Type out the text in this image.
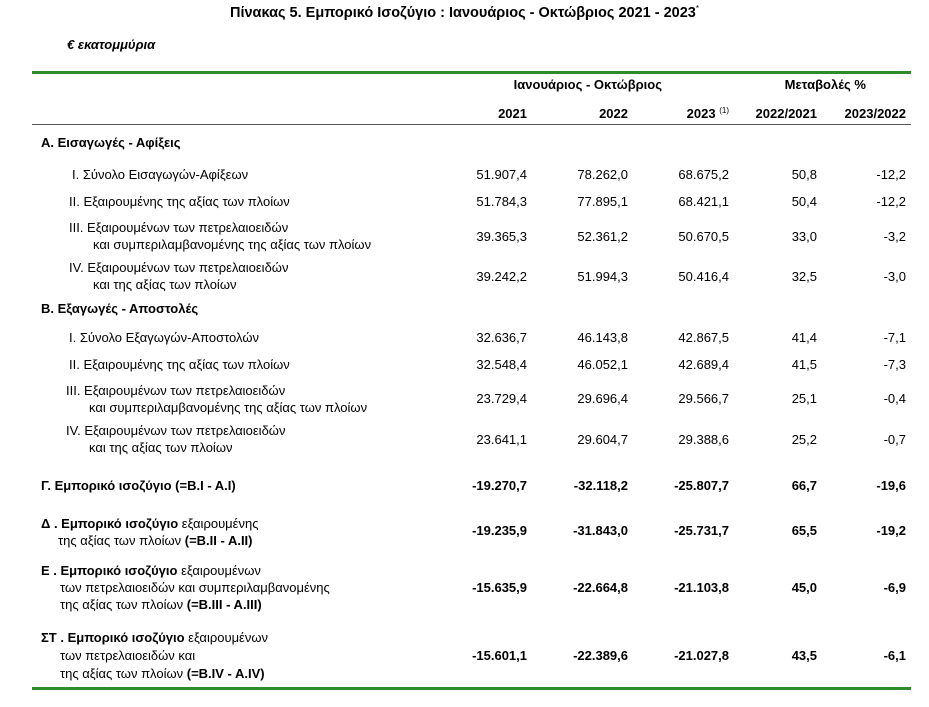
Πίνακας 5. Εμπορικό Ισοζύγιο : Ιανουάριος - Οκτώβριος 2021 - 2023*
€ εκατομμύρια
Ιανουάριος - Οκτώβριος	Μεταβολές %
2021	2022	2023 $^{(1)}$ 2022/2021 2023/2022
Α. Εισαγωγές - Αφίξεις
I. Σύνολο Εισαγωγών-Αφίξεων	51.907,4	78.262,0	68.675,2	50,8	-12,2
II. Εξαιρουμένης της αξίας των πλοίων	51.784,3	77.895,1	68.421,1	50,4	-12,2
III. Εξαιρουμένων των πετρελαιοειδών
και συμπεριλαμβανομένης της αξίας των πλοίων
39.365,3	52.361,2	50.670,5	33,0	-3,2
IV. Εξαιρουμένων των πετρελαιοειδών
και της αξίας των πλοίων
39.242,2	51.994,3	50.416,4	32,5	-3,0
Β. Εξαγωγές - Αποστολές
I. Σύνολο Εξαγωγών-Αποστολών	32.636,7	46.143,8	42.867,5	41,4	-7,1
II. Εξαιρουμένης της αξίας των πλοίων	32.548,4	46.052,1	42.689,4	41,5	-7,3
III. Εξαιρουμένων των πετρελαιοειδών
και συμπεριλαμβανομένης της αξίας των πλοίων
23.729,4	29.696,4	29.566,7	25,1	-0,4
IV. Εξαιρουμένων των πετρελαιοειδών
και της αξίας των πλοίων
23.641,1	29.604,7	29.388,6	25,2	-0,7
Γ. Εμπορικό ισοζύγιο (=B.I - A.I)	-19.270,7	-32.118,2	-25.807,7	66,7	-19,6
Δ . Εμπορικό ισοζύγιο εξαιρουμένης
της αξίας των πλοίων (=B.II - A.II)
-19.235,9	-31.843,0	-25.731,7	65,5	-19,2
Ε . Εμπορικό ισοζύγιο εξαιρουμένων
των πετρελαιοειδών και συμπεριλαμβανομένης
της αξίας των πλοίων (=B.III - A.III)
-15.635,9	-22.664,8	-21.103,8	45,0	-6,9
ΣΤ . Εμπορικό ισοζύγιο εξαιρουμένων
των πετρελαιοειδών και
της αξίας των πλοίων (=B.IV - A.IV)
-15.601,1	-22.389,6	-21.027,8	43,5	-6,1
